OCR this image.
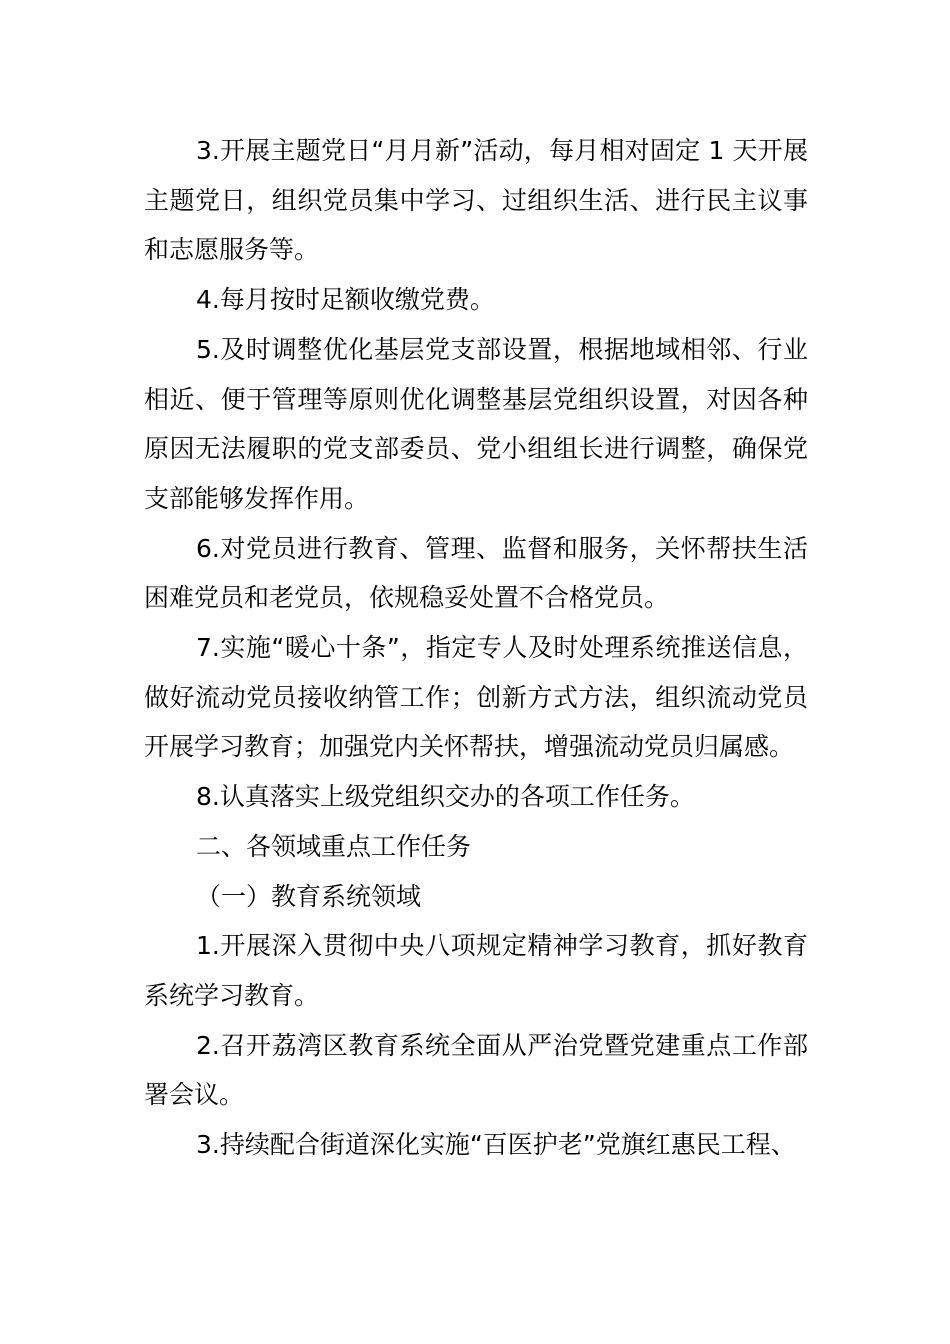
3.开展主题党日“月月新”活动，每月相对固定 1 天开展主题党日，组织党员集中学习、过组织生活、进行民主议事和志愿服务等。

4.每月按时足额收缴党费。

5.及时调整优化基层党支部设置，根据地域相邻、行业相近、便于管理等原则优化调整基层党组织设置，对因各种原因无法履职的党支部委员、党小组组长进行调整，确保党支部能够发挥作用。

6.对党员进行教育、管理、监督和服务，关怀帮扶生活困难党员和老党员，依规稳妥处置不合格党员。

7.实施“暖心十条”，指定专人及时处理系统推送信息，做好流动党员接收纳管工作；创新方式方法，组织流动党员开展学习教育；加强党内关怀帮扶，增强流动党员归属感。

8.认真落实上级党组织交办的各项工作任务。

二、各领域重点工作任务

（一）教育系统领域

1.开展深入贯彻中央八项规定精神学习教育，抓好教育系统学习教育。

2.召开荔湾区教育系统全面从严治党暨党建重点工作部署会议。

3.持续配合街道深化实施“百医护老”党旗红惠民工程、
